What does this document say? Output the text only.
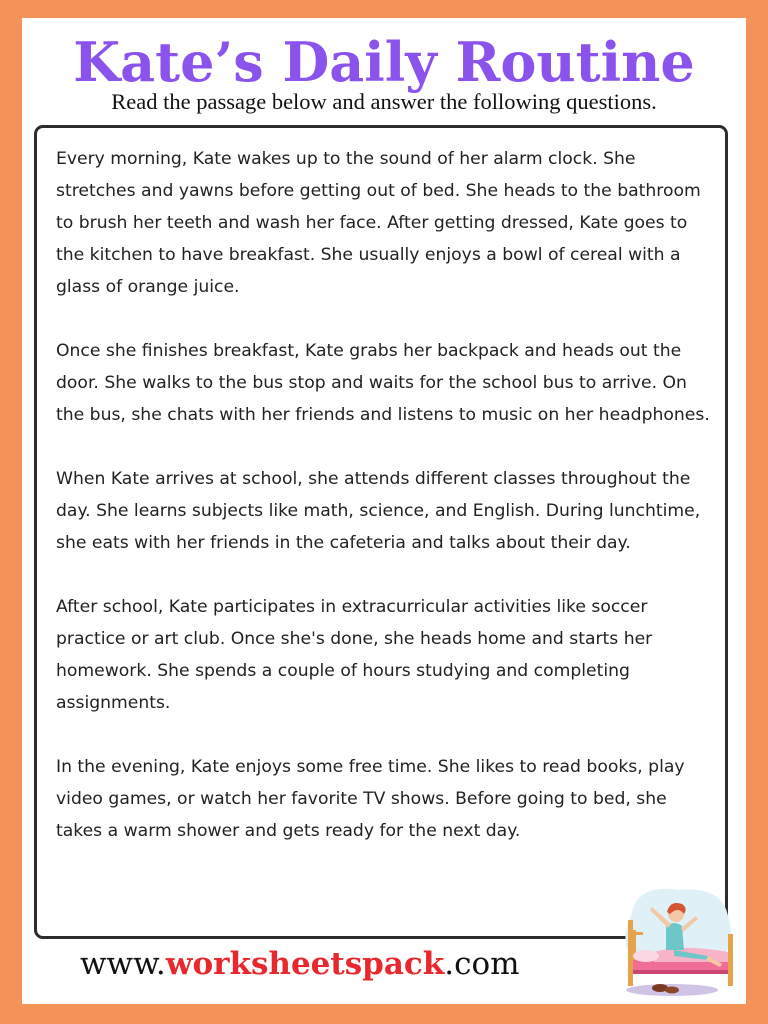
Kate’s Daily Routine
Read the passage below and answer the following questions.

Every morning, Kate wakes up to the sound of her alarm clock. She stretches and yawns before getting out of bed. She heads to the bathroom to brush her teeth and wash her face. After getting dressed, Kate goes to the kitchen to have breakfast. She usually enjoys a bowl of cereal with a glass of orange juice.

Once she finishes breakfast, Kate grabs her backpack and heads out the door. She walks to the bus stop and waits for the school bus to arrive. On the bus, she chats with her friends and listens to music on her headphones.

When Kate arrives at school, she attends different classes throughout the day. She learns subjects like math, science, and English. During lunchtime, she eats with her friends in the cafeteria and talks about their day.

After school, Kate participates in extracurricular activities like soccer practice or art club. Once she's done, she heads home and starts her homework. She spends a couple of hours studying and completing assignments.

In the evening, Kate enjoys some free time. She likes to read books, play video games, or watch her favorite TV shows. Before going to bed, she takes a warm shower and gets ready for the next day.

www.worksheetspack.com
